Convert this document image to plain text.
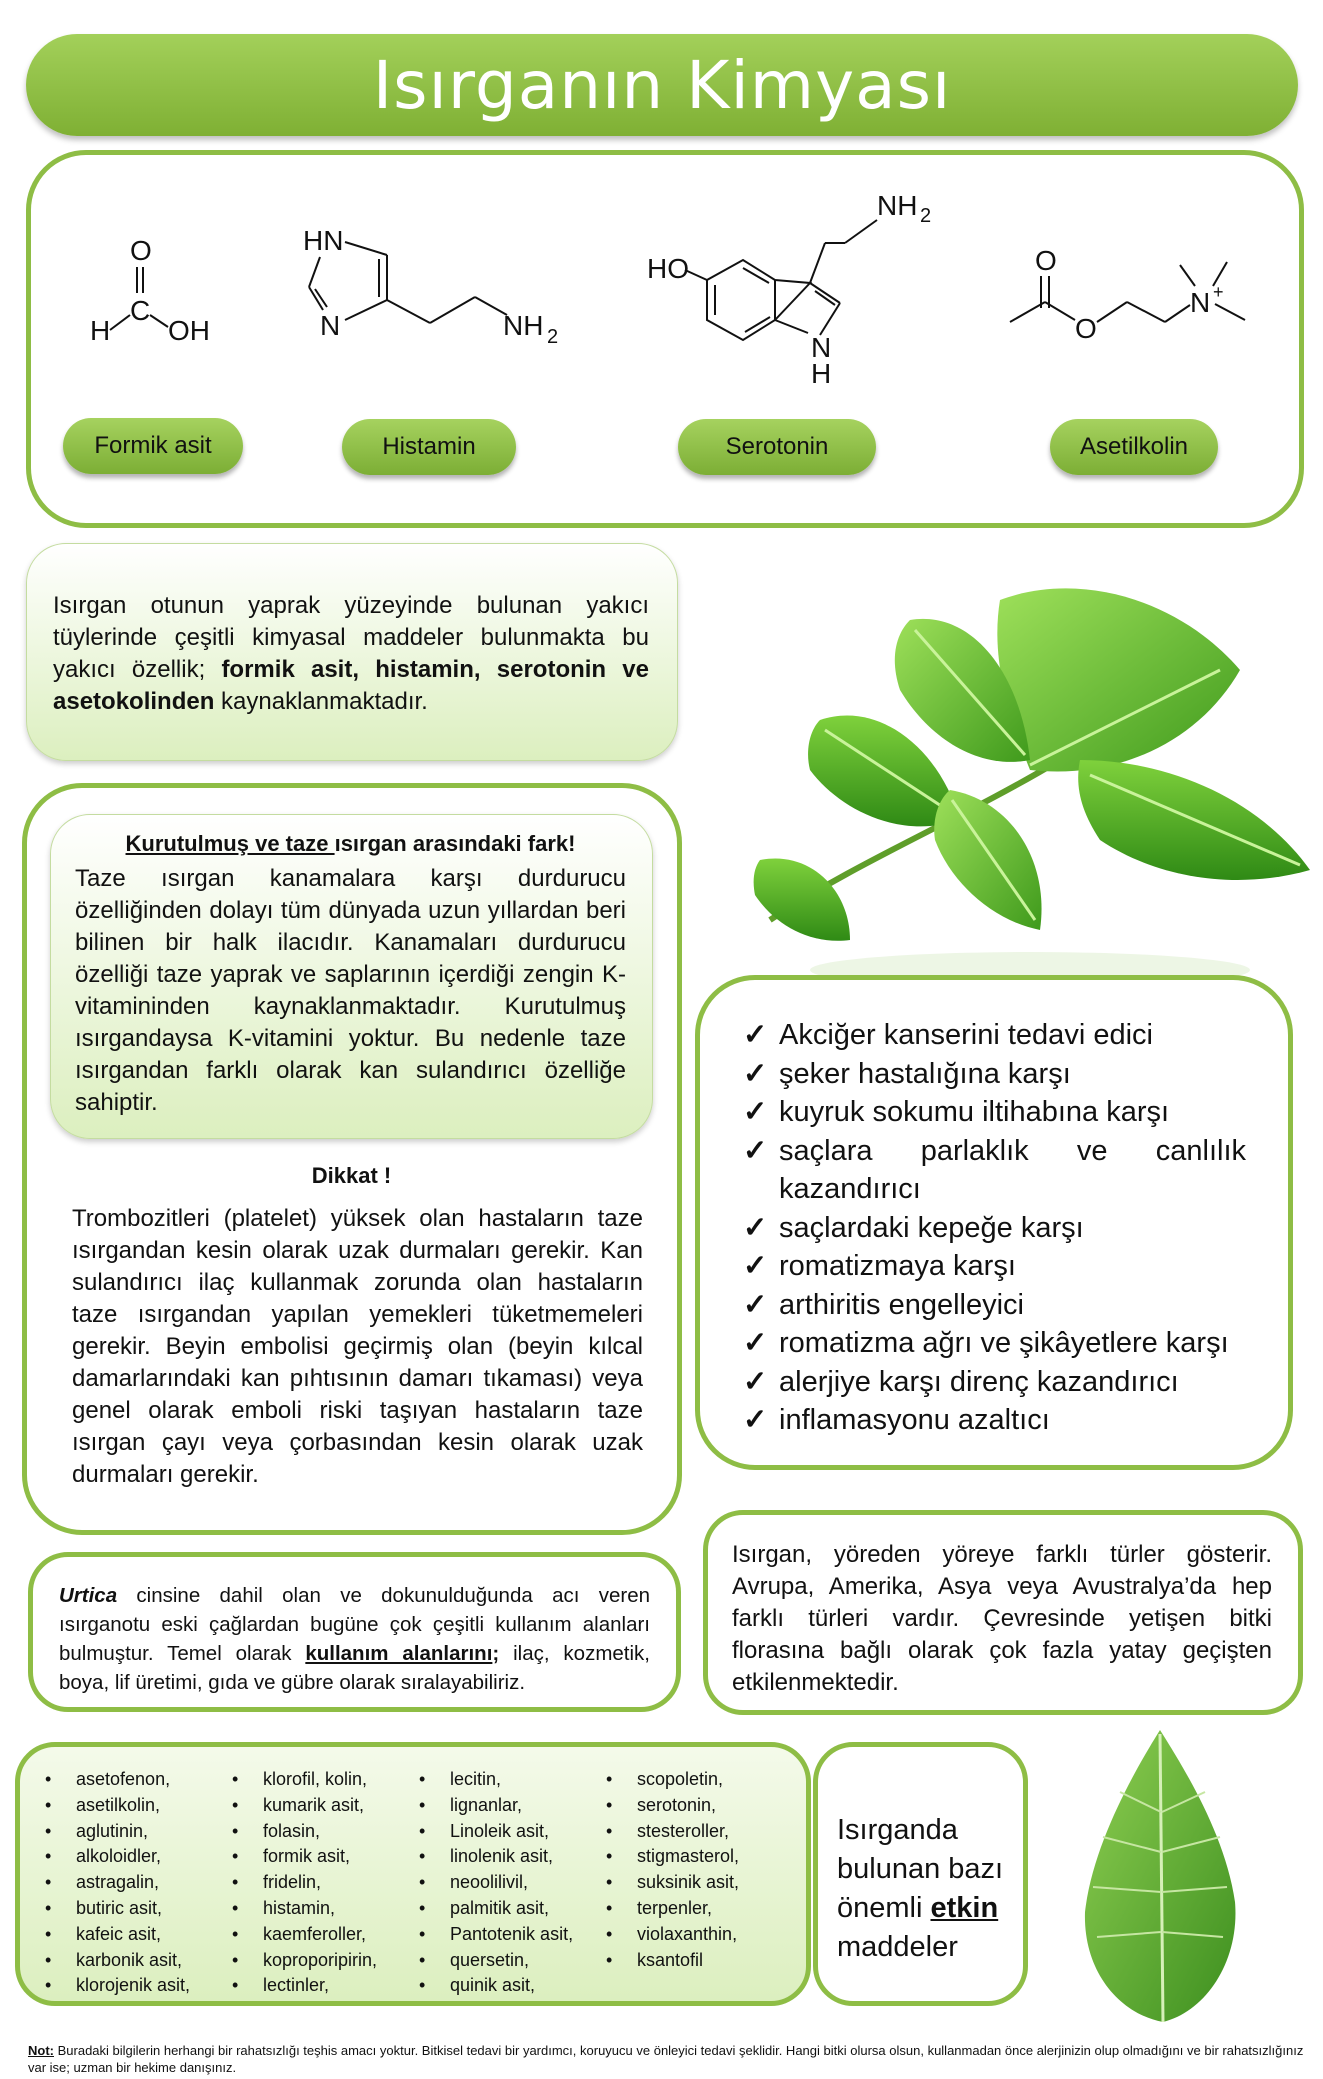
Isırganın Kimyası
O
C
H OH
HN
N	NH 2
NH 2
N
H
HO	O
O
N +
Formik asit	Histamin	Serotonin	Asetilkolin
Isırgan otunun yaprak yüzeyinde bulunan yakıcı tüylerinde çeşitli kimyasal maddeler bulunmakta bu yakıcı özellik; formik asit, histamin, serotonin ve asetokolinden kaynaklanmaktadır.
Kurutulmuş ve taze ısırgan arasındaki fark!
Taze ısırgan kanamalara karşı durdurucu özelliğinden dolayı tüm dünyada uzun yıllardan beri bilinen bir halk ilacıdır. Kanamaları durdurucu özelliği taze yaprak ve saplarının içerdiği zengin K-vitamininden kaynaklanmaktadır. Kurutulmuş ısırgandaysa K-vitamini yoktur. Bu nedenle taze ısırgandan farklı olarak kan sulandırıcı özelliğe sahiptir.
Dikkat !
Trombozitleri (platelet) yüksek olan hastaların taze ısırgandan kesin olarak uzak durmaları gerekir. Kan sulandırıcı ilaç kullanmak zorunda olan hastaların taze ısırgandan yapılan yemekleri tüketmemeleri gerekir. Beyin embolisi geçirmiş olan (beyin kılcal damarlarındaki kan pıhtısının damarı tıkaması) veya genel olarak emboli riski taşıyan hastaların taze ısırgan çayı veya çorbasından kesin olarak uzak durmaları gerekir.
✓ Akciğer kanserini tedavi edici
✓ şeker hastalığına karşı
✓ kuyruk sokumu iltihabına karşı
✓ saçlara parlaklık ve canlılık kazandırıcı
✓ saçlardaki kepeğe karşı
✓ romatizmaya karşı
✓ arthiritis engelleyici
✓ romatizma ağrı ve şikâyetlere karşı
✓ alerjiye karşı direnç kazandırıcı
✓ inflamasyonu azaltıcı
Urtica cinsine dahil olan ve dokunulduğunda acı veren ısırganotu eski çağlardan bugüne çok çeşitli kullanım alanları bulmuştur. Temel olarak kullanım alanlarını; ilaç, kozmetik, boya, lif üretimi, gıda ve gübre olarak sıralayabiliriz.
Isırgan, yöreden yöreye farklı türler gösterir. Avrupa, Amerika, Asya veya Avustralya’da hep farklı türleri vardır. Çevresinde yetişen bitki florasına bağlı olarak çok fazla yatay geçişten etkilenmektedir.
• asetofenon,
• asetilkolin,
• aglutinin,
• alkoloidler,
• astragalin,
• butiric asit,
• kafeic asit,
• karbonik asit,
• klorojenik asit,
• klorofil, kolin,
• kumarik asit,
• folasin,
• formik asit,
• fridelin,
• histamin,
• kaemferoller,
• koproporipirin,
• lectinler,
• lecitin,
• lignanlar,
• Linoleik asit,
• linolenik asit,
• neoolilivil,
• palmitik asit,
• Pantotenik asit,
• quersetin,
• quinik asit,
• scopoletin,
• serotonin,
• stesteroller,
• stigmasterol,
• suksinik asit,
• terpenler,
• violaxanthin,
• ksantofil
Isırganda
bulunan bazı
önemli etkin
maddeler
Not: Buradaki bilgilerin herhangi bir rahatsızlığı teşhis amacı yoktur. Bitkisel tedavi bir yardımcı, koruyucu ve önleyici tedavi şeklidir. Hangi bitki olursa olsun, kullanmadan önce alerjinizin olup olmadığını ve bir rahatsızlığınız var ise; uzman bir hekime danışınız.
